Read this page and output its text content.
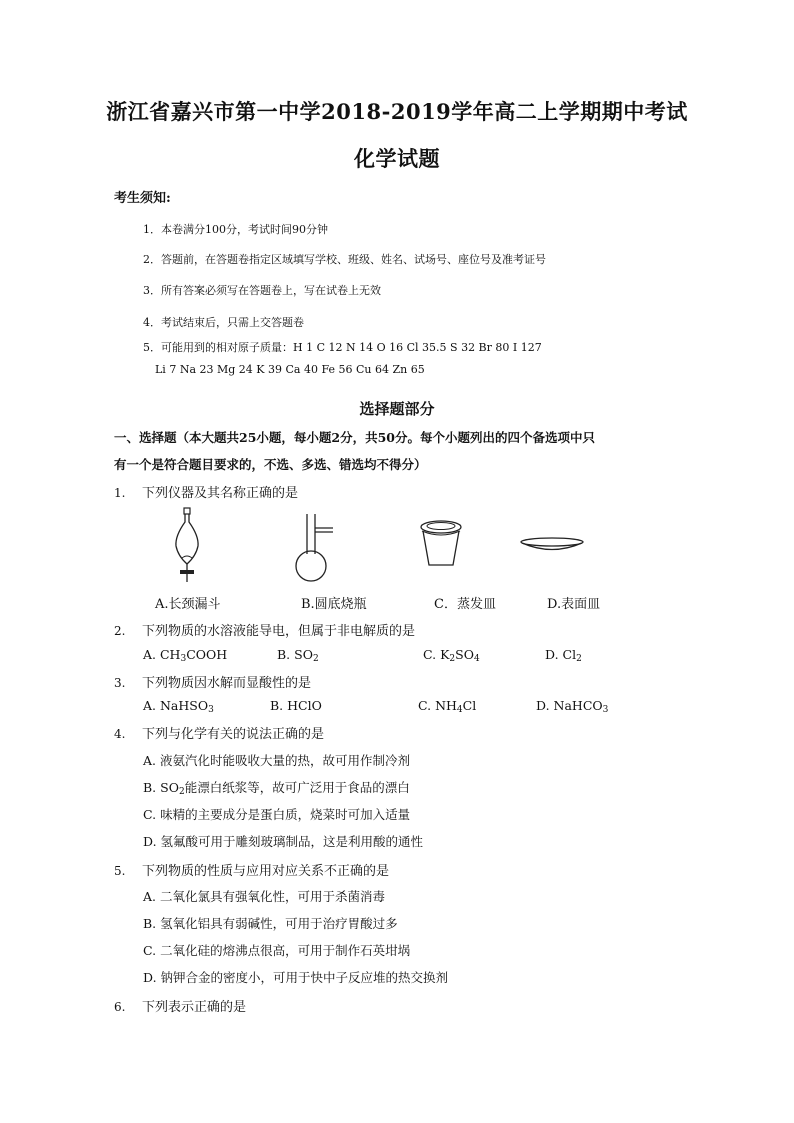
浙江省嘉兴市第一中学2018-2019学年高二上学期期中考试
化学试题
考生须知:
1．本卷满分100分，考试时间90分钟
2．答题前，在答题卷指定区域填写学校、班级、姓名、试场号、座位号及准考证号
3．所有答案必须写在答题卷上，写在试卷上无效
4．考试结束后，只需上交答题卷
5．可能用到的相对原子质量：H 1 C 12 N 14 O 16 Cl 35.5 S 32 Br 80 I 127
Li 7 Na 23 Mg 24 K 39 Ca 40 Fe 56 Cu 64 Zn 65
选择题部分
一、选择题（本大题共25小题，每小题2分，共50分。每个小题列出的四个备选项中只
有一个是符合题目要求的，不选、多选、错选均不得分）
1. 下列仪器及其名称正确的是
A.长颈漏斗	B.圆底烧瓶	C．蒸发皿	D.表面皿
2. 下列物质的水溶液能导电，但属于非电解质的是
A. $CH_3COOH$	B. $SO_2$	C. $K_2SO_4$	D. $Cl_2$
3. 下列物质因水解而显酸性的是
A. NaHSO$_3$	B. HClO	C. $NH_4Cl$	D. NaHCO$_3$
4. 下列与化学有关的说法正确的是
A. 液氨汽化时能吸收大量的热，故可用作制冷剂
B. $SO_2$能漂白纸浆等，故可广泛用于食品的漂白
C. 味精的主要成分是蛋白质，烧菜时可加入适量
D. 氢氟酸可用于雕刻玻璃制品，这是利用酸的通性
5. 下列物质的性质与应用对应关系不正确的是
A. 二氧化氯具有强氧化性，可用于杀菌消毒
B. 氢氧化铝具有弱碱性，可用于治疗胃酸过多
C. 二氧化硅的熔沸点很高，可用于制作石英坩埚
D. 钠钾合金的密度小，可用于快中子反应堆的热交换剂
6. 下列表示正确的是
